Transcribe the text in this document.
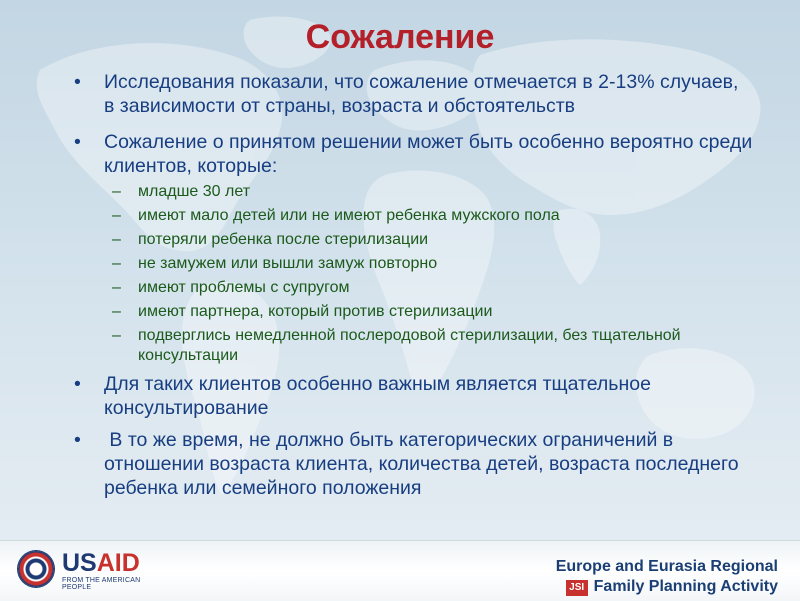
Сожаление
• Исследования показали, что сожаление отмечается в 2-13% случаев, в зависимости от страны, возраста и обстоятельств
• Сожаление о принятом решении может быть особенно вероятно среди клиентов, которые:
– младше 30 лет
– имеют мало детей или не имеют ребенка мужского пола
– потеряли ребенка после стерилизации
– не замужем или вышли замуж повторно
– имеют проблемы с супругом
– имеют партнера, который против стерилизации
– подверглись немедленной послеродовой стерилизации, без тщательной консультации
• Для таких клиентов особенно важным является тщательное консультирование
• В то же время, не должно быть категорических ограничений в отношении возраста клиента, количества детей, возраста последнего ребенка или семейного положения
USAID
FROM THE AMERICAN PEOPLE
Europe and Eurasia Regional
JSI Family Planning Activity
